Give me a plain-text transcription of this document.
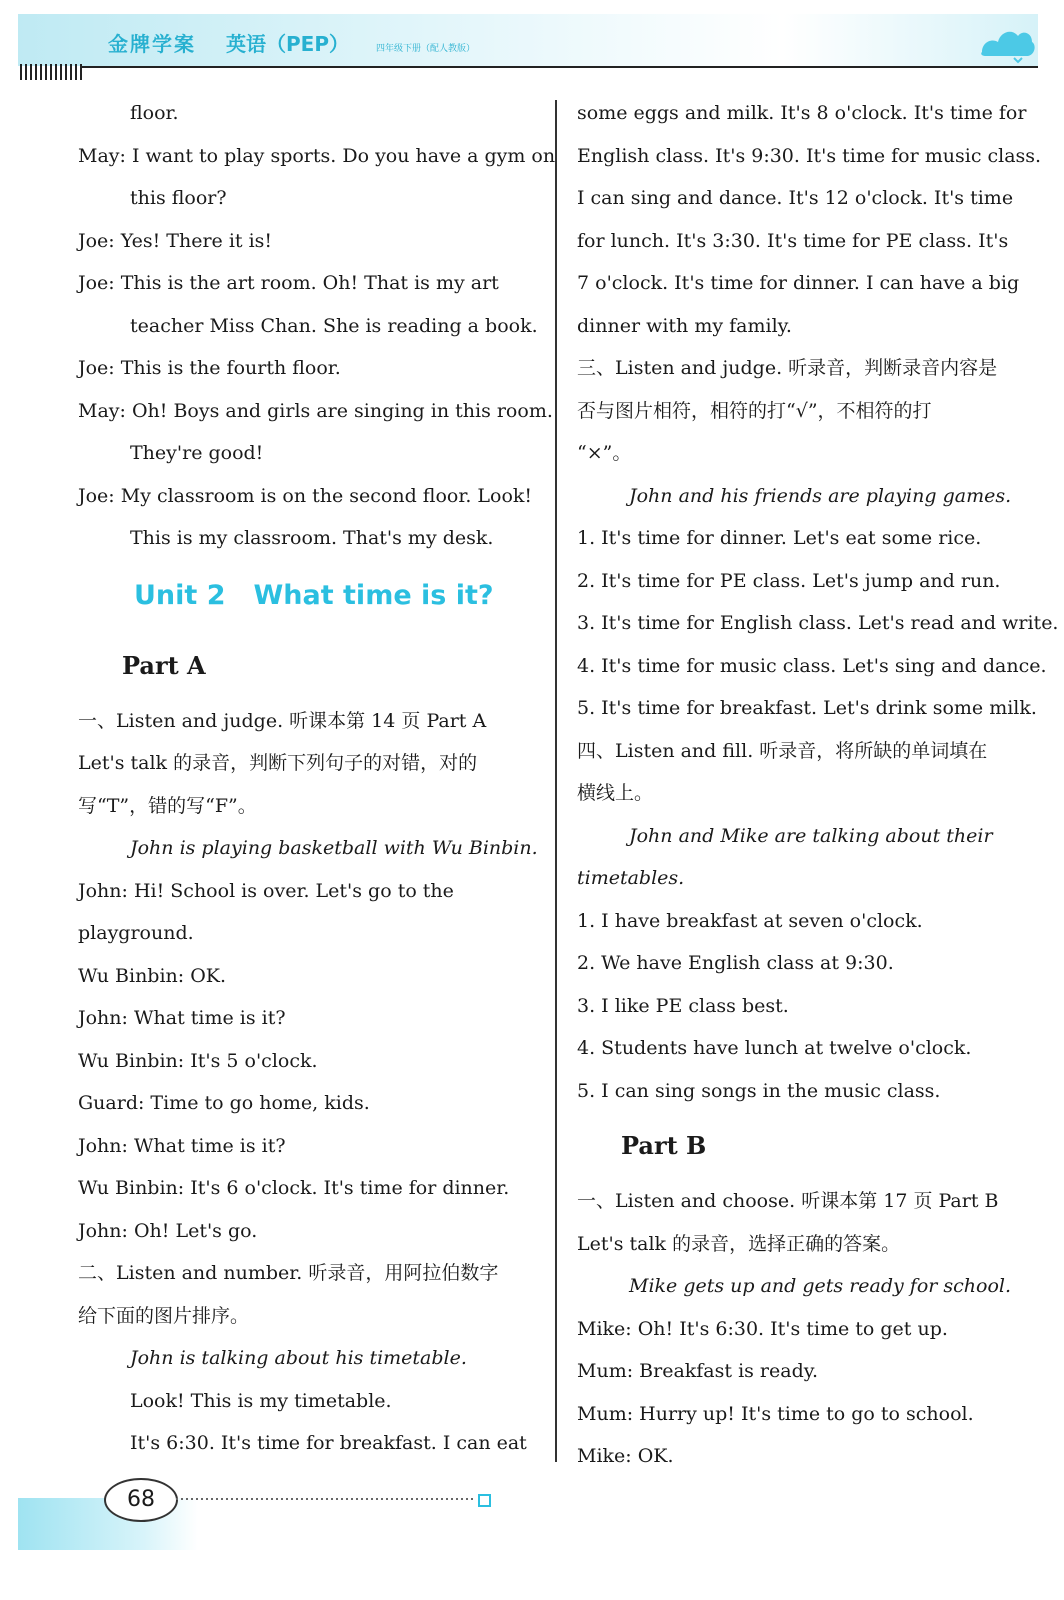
金牌学案 英语（PEP）	四年级下册（配人教版）
floor.
May: I want to play sports. Do you have a gym on
this floor?
Joe: Yes! There it is!
Joe: This is the art room. Oh! That is my art
teacher Miss Chan. She is reading a book.
Joe: This is the fourth floor.
May: Oh! Boys and girls are singing in this room.
They're good!
Joe: My classroom is on the second floor. Look!
This is my classroom. That's my desk.
Unit 2 What time is it?
Part A
一、Listen and judge. 听课本第 14 页 Part A
Let's talk 的录音，判断下列句子的对错，对的
写“T”，错的写“F”。
John is playing basketball with Wu Binbin.
John: Hi! School is over. Let's go to the
playground.
Wu Binbin: OK.
John: What time is it?
Wu Binbin: It's 5 o'clock.
Guard: Time to go home, kids.
John: What time is it?
Wu Binbin: It's 6 o'clock. It's time for dinner.
John: Oh! Let's go.
二、Listen and number. 听录音，用阿拉伯数字
给下面的图片排序。
John is talking about his timetable.
Look! This is my timetable.
It's 6:30. It's time for breakfast. I can eat
some eggs and milk. It's 8 o'clock. It's time for
English class. It's 9:30. It's time for music class.
I can sing and dance. It's 12 o'clock. It's time
for lunch. It's 3:30. It's time for PE class. It's
7 o'clock. It's time for dinner. I can have a big
dinner with my family.
三、Listen and judge. 听录音，判断录音内容是
否与图片相符，相符的打“√”，不相符的打
“×”。
John and his friends are playing games.
1. It's time for dinner. Let's eat some rice.
2. It's time for PE class. Let's jump and run.
3. It's time for English class. Let's read and write.
4. It's time for music class. Let's sing and dance.
5. It's time for breakfast. Let's drink some milk.
四、Listen and fill. 听录音，将所缺的单词填在
横线上。
John and Mike are talking about their
timetables.
1. I have breakfast at seven o'clock.
2. We have English class at 9:30.
3. I like PE class best.
4. Students have lunch at twelve o'clock.
5. I can sing songs in the music class.
Part B
一、Listen and choose. 听课本第 17 页 Part B
Let's talk 的录音，选择正确的答案。
Mike gets up and gets ready for school.
Mike: Oh! It's 6:30. It's time to get up.
Mum: Breakfast is ready.
Mum: Hurry up! It's time to go to school.
Mike: OK.
68
